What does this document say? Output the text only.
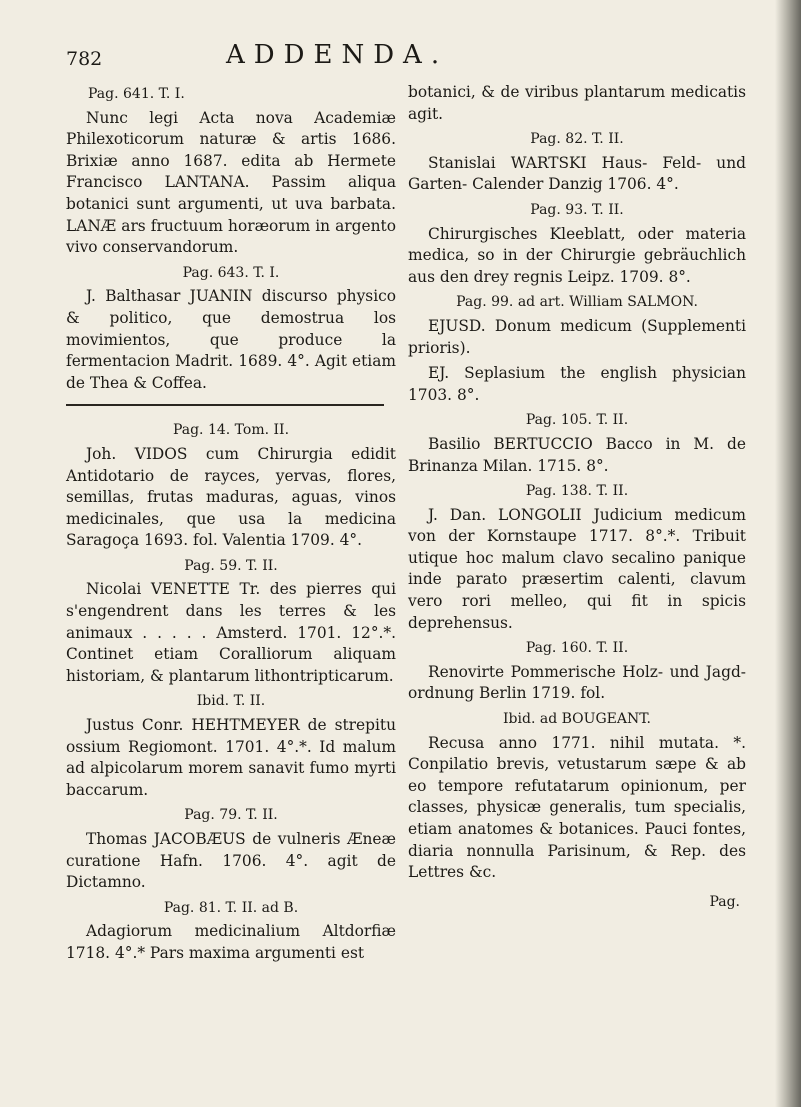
782	ADDENDA.
Pag. 641. T. I.
Nunc legi Acta nova Academiæ Philexoticorum naturæ & artis 1686. Brixiæ anno 1687. edita ab Hermete Francisco LANTANA. Passim aliqua botanici sunt argumenti, ut uva barbata. LANÆ ars fructuum horæorum in argento vivo conservandorum.
Pag. 643. T. I.
J. Balthasar JUANIN discurso physico & politico, que demostrua los movimientos, que produce la fermentacion Madrit. 1689. 4°. Agit etiam de Thea & Coffea.
Pag. 14. Tom. II.
Joh. VIDOS cum Chirurgia edidit Antidotario de rayces, yervas, flores, semillas, frutas maduras, aguas, vinos medicinales, que usa la medicina Saragoça 1693. fol. Valentia 1709. 4°.
Pag. 59. T. II.
Nicolai VENETTE Tr. des pierres qui s'engendrent dans les terres & les animaux . . . . . Amsterd. 1701. 12°.*. Continet etiam Coralliorum aliquam historiam, & plantarum lithontripticarum.
Ibid. T. II.
Justus Conr. HEHTMEYER de strepitu ossium Regiomont. 1701. 4°.*. Id malum ad alpicolarum morem sanavit fumo myrti baccarum.
Pag. 79. T. II.
Thomas JACOBÆUS de vulneris Æneæ curatione Hafn. 1706. 4°. agit de Dictamno.
Pag. 81. T. II. ad B.
Adagiorum medicinalium Altdorfiæ 1718. 4°.* Pars maxima argumenti est
botanici, & de viribus plantarum medicatis agit.
Pag. 82. T. II.
Stanislai WARTSKI Haus- Feld- und Garten- Calender Danzig 1706. 4°.
Pag. 93. T. II.
Chirurgisches Kleeblatt, oder materia medica, so in der Chirurgie gebräuchlich aus den drey regnis Leipz. 1709. 8°.
Pag. 99. ad art. William SALMON.
EJUSD. Donum medicum (Supplementi prioris).
EJ. Seplasium the english physician 1703. 8°.
Pag. 105. T. II.
Basilio BERTUCCIO Bacco in M. de Brinanza Milan. 1715. 8°.
Pag. 138. T. II.
J. Dan. LONGOLII Judicium medicum von der Kornstaupe 1717. 8°.*. Tribuit utique hoc malum clavo secalino panique inde parato præsertim calenti, clavum vero rori melleo, qui fit in spicis deprehensus.
Pag. 160. T. II.
Renovirte Pommerische Holz- und Jagd-ordnung Berlin 1719. fol.
Ibid. ad BOUGEANT.
Recusa anno 1771. nihil mutata. *. Conpilatio brevis, vetustarum sæpe & ab eo tempore refutatarum opinionum, per classes, physicæ generalis, tum specialis, etiam anatomes & botanices. Pauci fontes, diaria nonnulla Parisinum, & Rep. des Lettres &c.
Pag.
